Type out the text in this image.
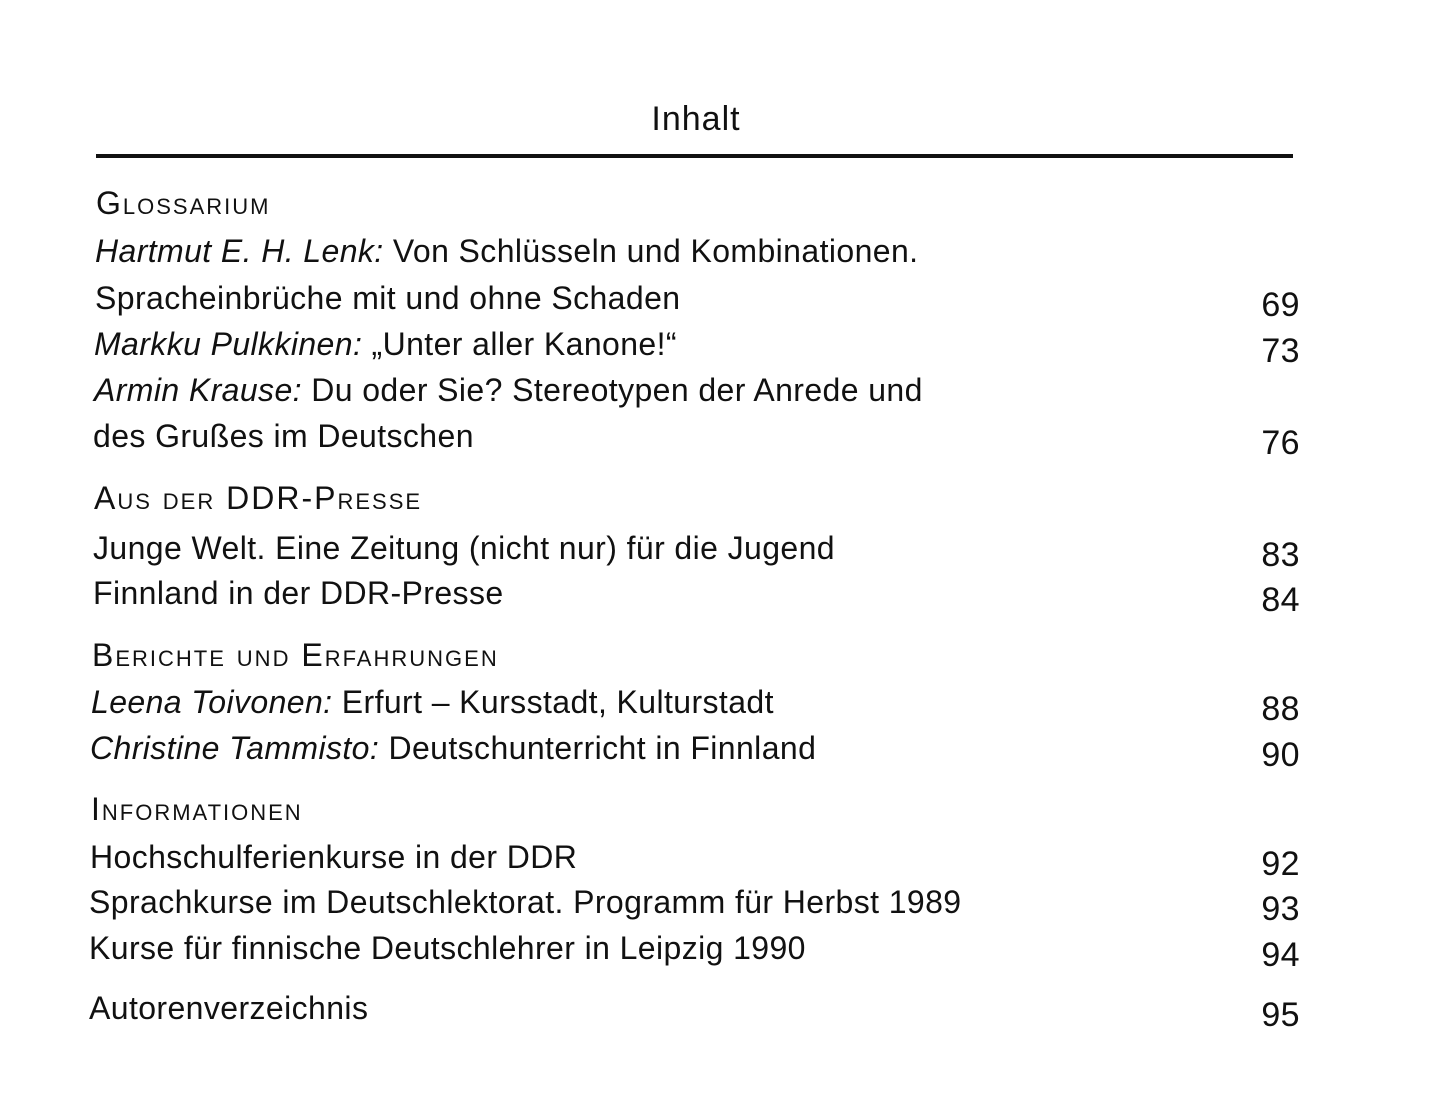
Inhalt
Glossarium
Hartmut E. H. Lenk: Von Schlüsseln und Kombinationen.
Spracheinbrüche mit und ohne Schaden	69
Markku Pulkkinen: „Unter aller Kanone!“	73
Armin Krause: Du oder Sie? Stereotypen der Anrede und
des Grußes im Deutschen	76
Aus der DDR-Presse
Junge Welt. Eine Zeitung (nicht nur) für die Jugend	83
Finnland in der DDR-Presse	84
Berichte und Erfahrungen
Leena Toivonen: Erfurt – Kursstadt, Kulturstadt	88
Christine Tammisto: Deutschunterricht in Finnland	90
Informationen
Hochschulferienkurse in der DDR	92
Sprachkurse im Deutschlektorat. Programm für Herbst 1989	93
Kurse für finnische Deutschlehrer in Leipzig 1990	94
Autorenverzeichnis	95
